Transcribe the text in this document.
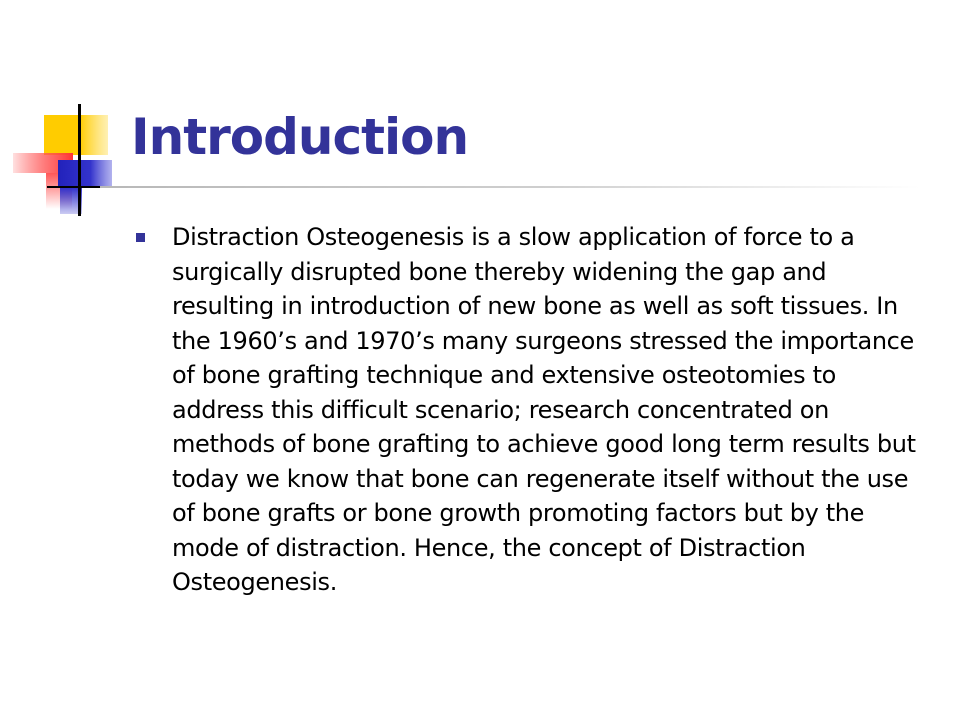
Introduction
Distraction Osteogenesis is a slow application of force to a surgically disrupted bone thereby widening the gap and resulting in introduction of new bone as well as soft tissues. In the 1960’s and 1970’s many surgeons stressed the importance of bone grafting technique and extensive osteotomies to address this difficult scenario; research concentrated on methods of bone grafting to achieve good long term results but today we know that bone can regenerate itself without the use of bone grafts or bone growth promoting factors but by the mode of distraction. Hence, the concept of Distraction Osteogenesis.
